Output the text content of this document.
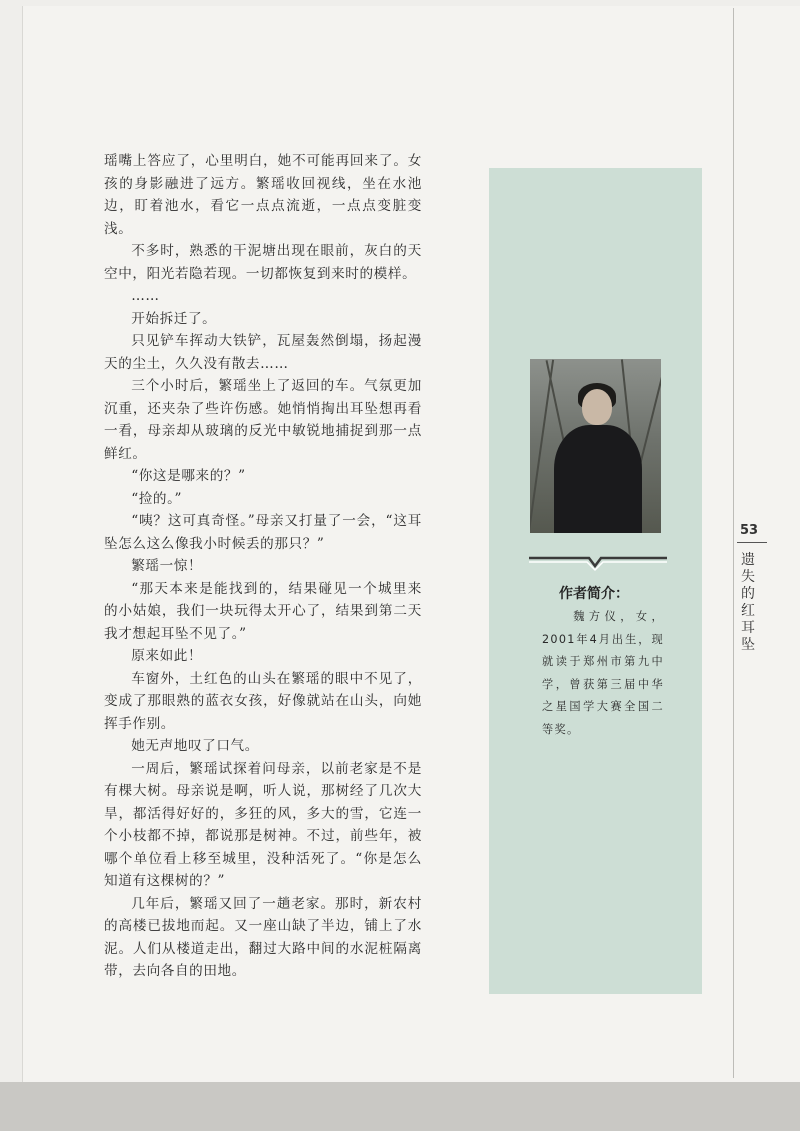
瑶嘴上答应了，心里明白，她不可能再回来了。女孩的身影融进了远方。繁瑶收回视线，坐在水池边，盯着池水，看它一点点流逝，一点点变脏变浅。

不多时，熟悉的干泥塘出现在眼前，灰白的天空中，阳光若隐若现。一切都恢复到来时的模样。

……

开始拆迁了。

只见铲车挥动大铁铲，瓦屋轰然倒塌，扬起漫天的尘土，久久没有散去……

三个小时后，繁瑶坐上了返回的车。气氛更加沉重，还夹杂了些许伤感。她悄悄掏出耳坠想再看一看，母亲却从玻璃的反光中敏锐地捕捉到那一点鲜红。

“你这是哪来的？”

“捡的。”

“咦？这可真奇怪。”母亲又打量了一会，“这耳坠怎么这么像我小时候丢的那只？”

繁瑶一惊！

“那天本来是能找到的，结果碰见一个城里来的小姑娘，我们一块玩得太开心了，结果到第二天我才想起耳坠不见了。”

原来如此！

车窗外，土红色的山头在繁瑶的眼中不见了，变成了那眼熟的蓝衣女孩，好像就站在山头，向她挥手作别。

她无声地叹了口气。

一周后，繁瑶试探着问母亲，以前老家是不是有棵大树。母亲说是啊，听人说，那树经了几次大旱，都活得好好的，多狂的风，多大的雪，它连一个小枝都不掉，都说那是树神。不过，前些年，被哪个单位看上移至城里，没种活死了。“你是怎么知道有这棵树的？”

几年后，繁瑶又回了一趟老家。那时，新农村的高楼已拔地而起。又一座山缺了半边，铺上了水泥。人们从楼道走出，翻过大路中间的水泥桩隔离带，去向各自的田地。

作者简介：
　　魏方仪，女，2001年4月出生，现就读于郑州市第九中学，曾获第三届中华之星国学大赛全国二等奖。
53
遗失的红耳坠
